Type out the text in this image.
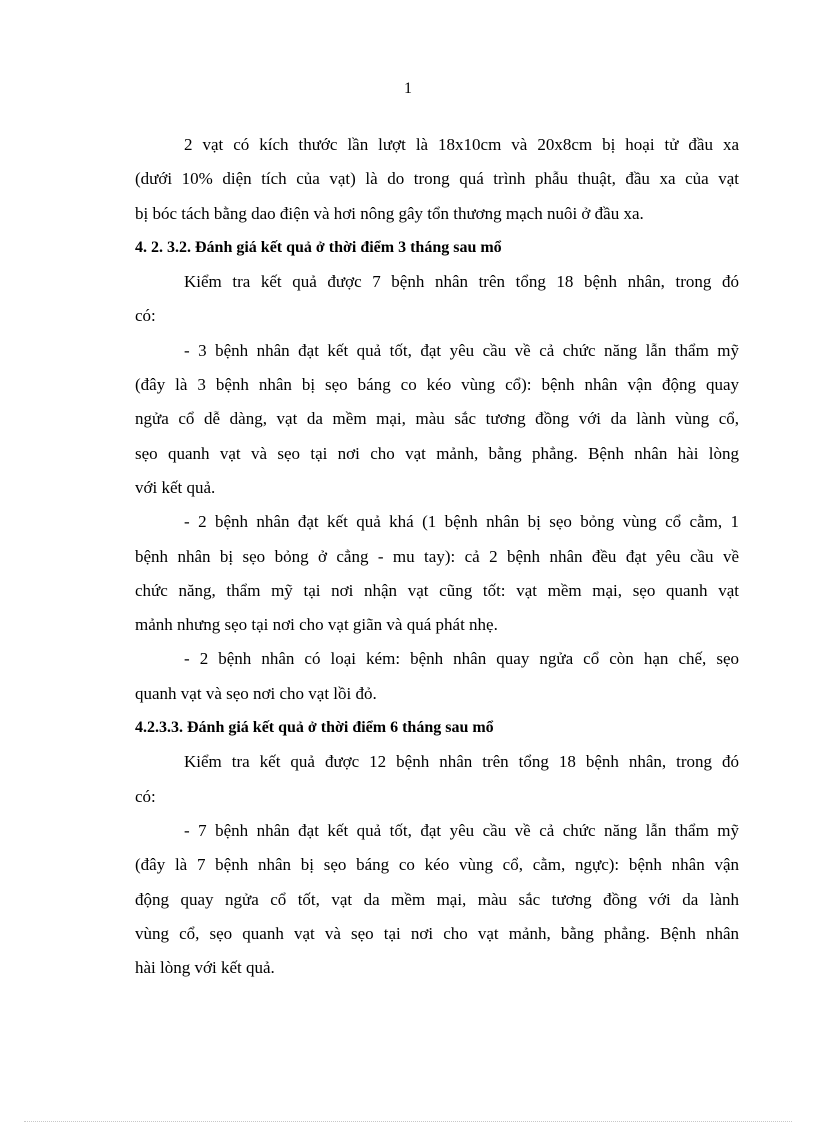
1
2 vạt có kích thước lần lượt là 18x10cm và 20x8cm bị hoại tử đầu xa
(dưới 10% diện tích của vạt) là do trong quá trình phẫu thuật, đầu xa của vạt
bị bóc tách bằng dao điện và hơi nông gây tổn thương mạch nuôi ở đầu xa.
4. 2. 3.2. Đánh giá kết quả ở thời điểm 3 tháng sau mổ
Kiểm tra kết quả được 7 bệnh nhân trên tổng 18 bệnh nhân, trong đó
có:
- 3 bệnh nhân đạt kết quả tốt, đạt yêu cầu về cả chức năng lẫn thẩm mỹ
(đây là 3 bệnh nhân bị sẹo báng co kéo vùng cổ): bệnh nhân vận động quay
ngửa cổ dễ dàng, vạt da mềm mại, màu sắc tương đồng với da lành vùng cổ,
sẹo quanh vạt và sẹo tại nơi cho vạt mảnh, bằng phẳng. Bệnh nhân hài lòng
với kết quả.
- 2 bệnh nhân đạt kết quả khá (1 bệnh nhân bị sẹo bỏng vùng cổ cằm, 1
bệnh nhân bị sẹo bỏng ở cẳng - mu tay): cả 2 bệnh nhân đều đạt yêu cầu về
chức năng, thẩm mỹ tại nơi nhận vạt cũng tốt: vạt mềm mại, sẹo quanh vạt
mảnh nhưng sẹo tại nơi cho vạt giãn và quá phát nhẹ.
- 2 bệnh nhân có loại kém: bệnh nhân quay ngửa cổ còn hạn chế, sẹo
quanh vạt và sẹo nơi cho vạt lồi đỏ.
4.2.3.3. Đánh giá kết quả ở thời điểm 6 tháng sau mổ
Kiểm tra kết quả được 12 bệnh nhân trên tổng 18 bệnh nhân, trong đó
có:
- 7 bệnh nhân đạt kết quả tốt, đạt yêu cầu về cả chức năng lẫn thẩm mỹ
(đây là 7 bệnh nhân bị sẹo báng co kéo vùng cổ, cằm, ngực): bệnh nhân vận
động quay ngửa cổ tốt, vạt da mềm mại, màu sắc tương đồng với da lành
vùng cổ, sẹo quanh vạt và sẹo tại nơi cho vạt mảnh, bằng phẳng. Bệnh nhân
hài lòng với kết quả.
